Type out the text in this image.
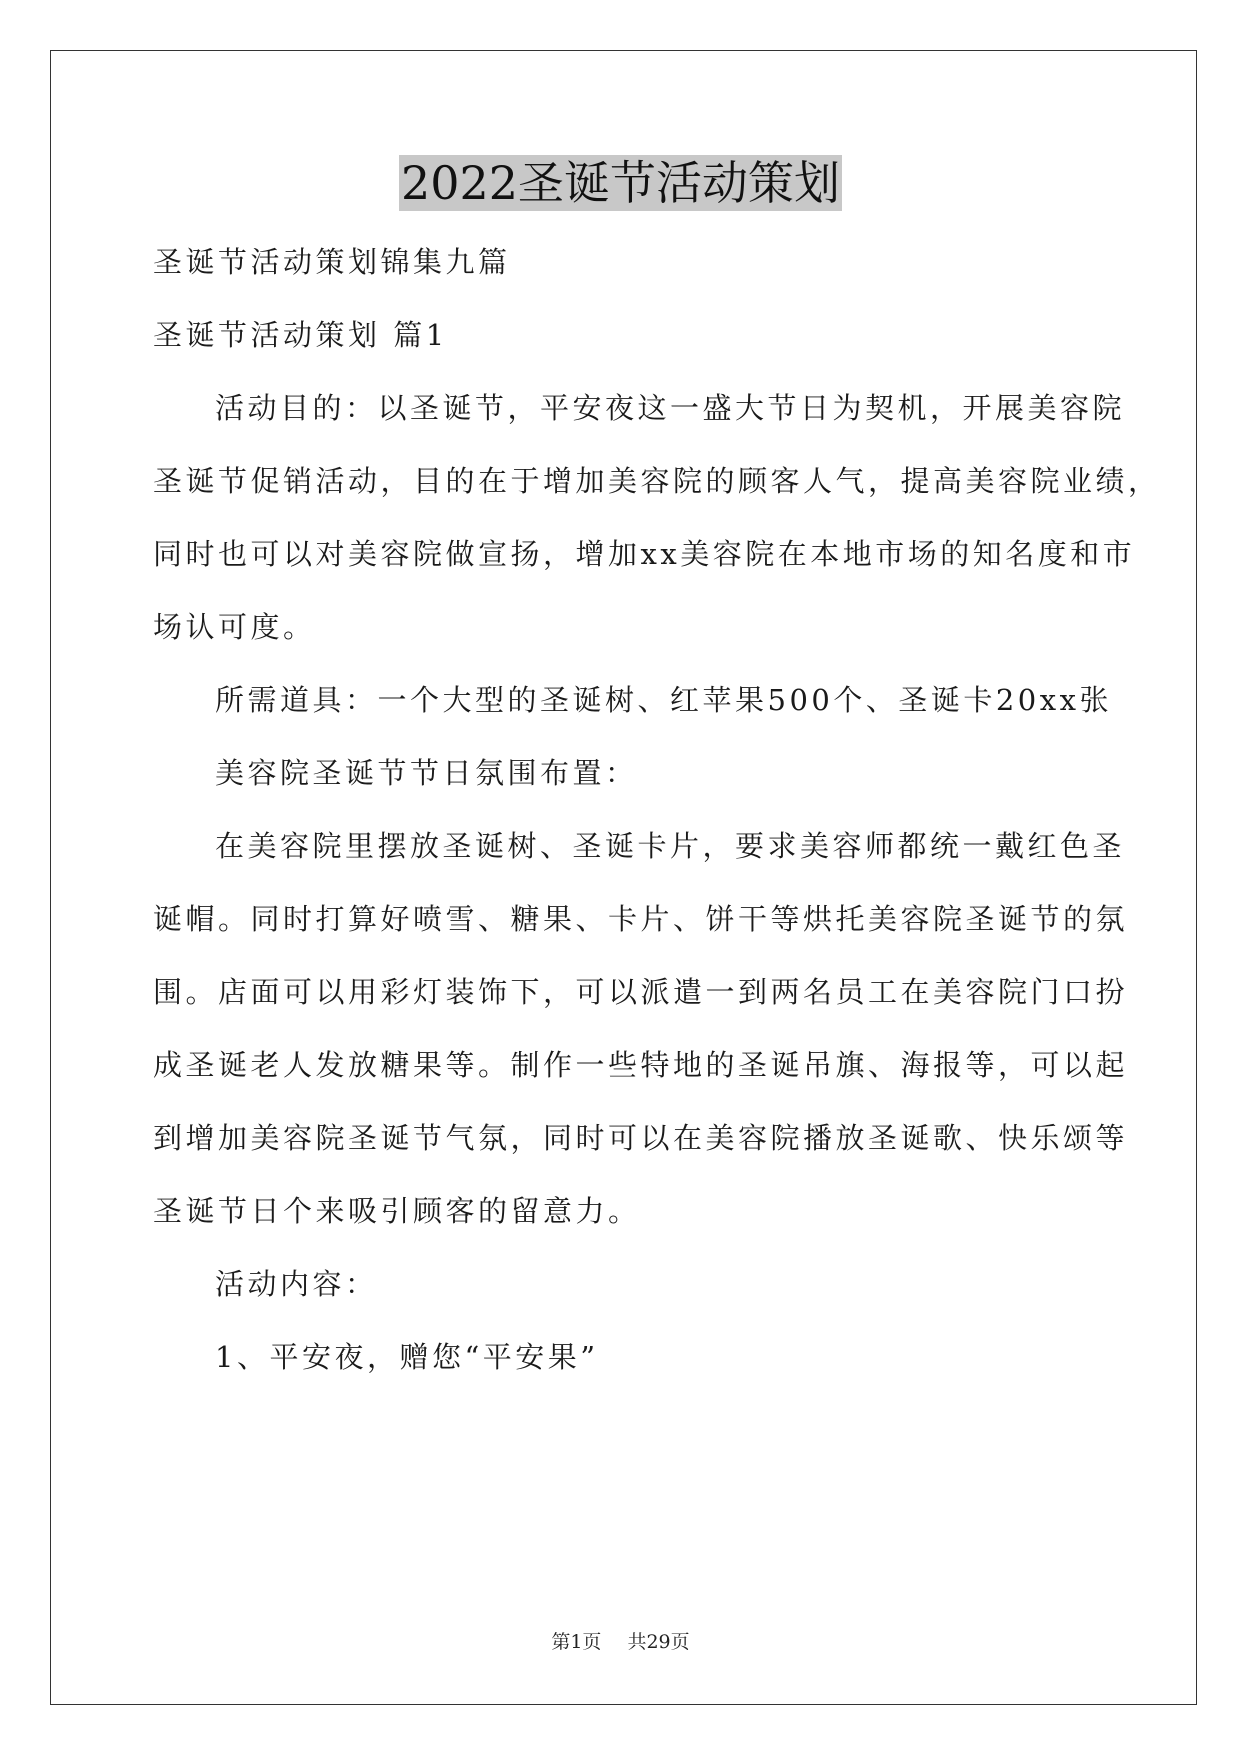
2022圣诞节活动策划
圣诞节活动策划锦集九篇
圣诞节活动策划 篇1
活动目的：以圣诞节，平安夜这一盛大节日为契机，开展美容院
圣诞节促销活动，目的在于增加美容院的顾客人气，提高美容院业绩，
同时也可以对美容院做宣扬，增加xx美容院在本地市场的知名度和市
场认可度。
所需道具：一个大型的圣诞树、红苹果500个、圣诞卡20xx张
美容院圣诞节节日氛围布置：
在美容院里摆放圣诞树、圣诞卡片，要求美容师都统一戴红色圣
诞帽。同时打算好喷雪、糖果、卡片、饼干等烘托美容院圣诞节的氛
围。店面可以用彩灯装饰下，可以派遣一到两名员工在美容院门口扮
成圣诞老人发放糖果等。制作一些特地的圣诞吊旗、海报等，可以起
到增加美容院圣诞节气氛，同时可以在美容院播放圣诞歌、快乐颂等
圣诞节日个来吸引顾客的留意力。
活动内容：
1、平安夜，赠您“平安果”
第1页 共29页
